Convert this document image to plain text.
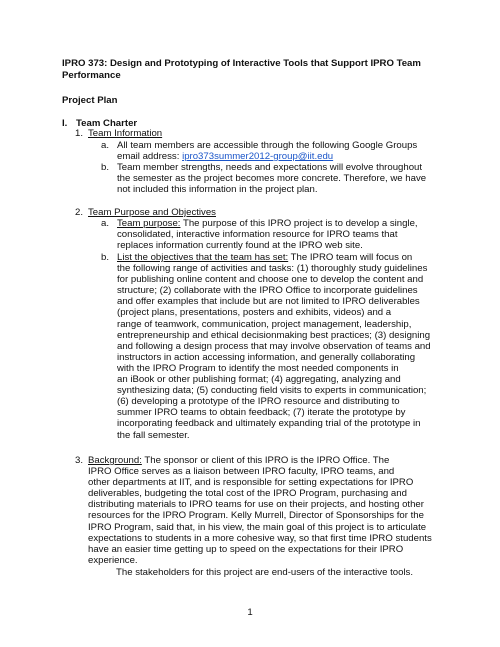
IPRO 373: Design and Prototyping of Interactive Tools that Support IPRO Team
Performance
Project Plan
I. Team Charter
1. Team Information
a. All team members are accessible through the following Google Groups
email address: ipro373summer2012-group@iit.edu
b. Team member strengths, needs and expectations will evolve throughout
the semester as the project becomes more concrete. Therefore, we have
not included this information in the project plan.
2. Team Purpose and Objectives
a. Team purpose: The purpose of this IPRO project is to develop a single,
consolidated, interactive information resource for IPRO teams that
replaces information currently found at the IPRO web site.
b. List the objectives that the team has set: The IPRO team will focus on
the following range of activities and tasks: (1) thoroughly study guidelines
for publishing online content and choose one to develop the content and
structure; (2) collaborate with the IPRO Office to incorporate guidelines
and offer examples that include but are not limited to IPRO deliverables
(project plans, presentations, posters and exhibits, videos) and a
range of teamwork, communication, project management, leadership,
entrepreneurship and ethical decisionmaking best practices; (3) designing
and following a design process that may involve observation of teams and
instructors in action accessing information, and generally collaborating
with the IPRO Program to identify the most needed components in
an iBook or other publishing format; (4) aggregating, analyzing and
synthesizing data; (5) conducting field visits to experts in communication;
(6) developing a prototype of the IPRO resource and distributing to
summer IPRO teams to obtain feedback; (7) iterate the prototype by
incorporating feedback and ultimately expanding trial of the prototype in
the fall semester.
3. Background: The sponsor or client of this IPRO is the IPRO Office. The
IPRO Office serves as a liaison between IPRO faculty, IPRO teams, and
other departments at IIT, and is responsible for setting expectations for IPRO
deliverables, budgeting the total cost of the IPRO Program, purchasing and
distributing materials to IPRO teams for use on their projects, and hosting other
resources for the IPRO Program. Kelly Murrell, Director of Sponsorships for the
IPRO Program, said that, in his view, the main goal of this project is to articulate
expectations to students in a more cohesive way, so that first time IPRO students
have an easier time getting up to speed on the expectations for their IPRO
experience.
The stakeholders for this project are end-users of the interactive tools.
1
